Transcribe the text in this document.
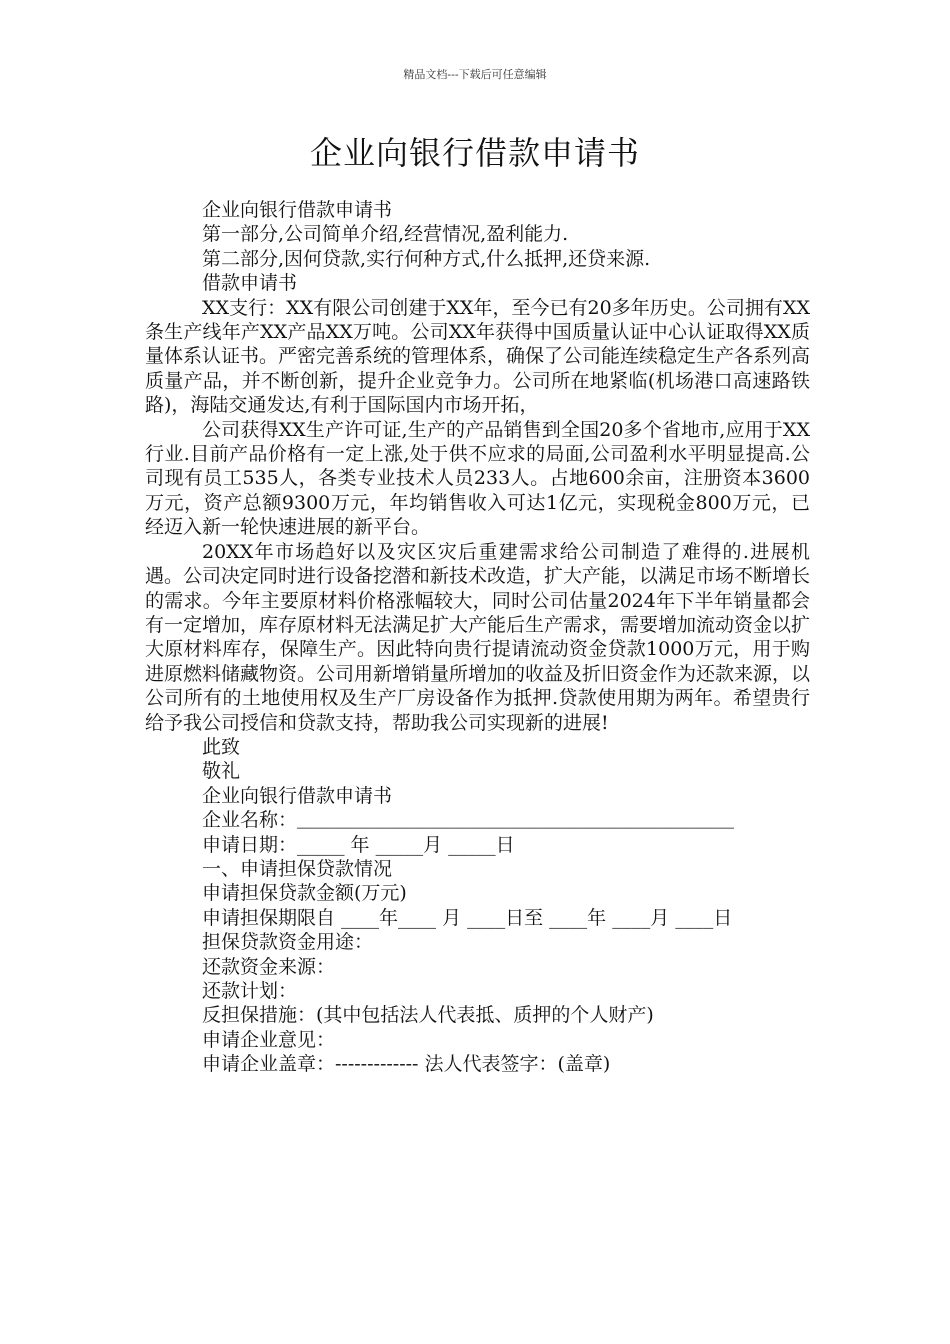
精品文档---下载后可任意编辑
企业向银行借款申请书

企业向银行借款申请书

第一部分,公司简单介绍,经营情况,盈利能力.

第二部分,因何贷款,实行何种方式,什么抵押,还贷来源.

借款申请书

XX支行：XX有限公司创建于XX年，至今已有20多年历史。公司拥有XX条生产线年产XX产品XX万吨。公司XX年获得中国质量认证中心认证取得XX质量体系认证书。严密完善系统的管理体系，确保了公司能连续稳定生产各系列高质量产品，并不断创新，提升企业竞争力。公司所在地紧临(机场港口高速路铁路)，海陆交通发达,有利于国际国内市场开拓，

公司获得XX生产许可证,生产的产品销售到全国20多个省地市,应用于XX行业.目前产品价格有一定上涨,处于供不应求的局面,公司盈利水平明显提高.公司现有员工535人，各类专业技术人员233人。占地600余亩，注册资本3600万元，资产总额9300万元，年均销售收入可达1亿元，实现税金800万元，已经迈入新一轮快速进展的新平台。

20XX年市场趋好以及灾区灾后重建需求给公司制造了难得的.进展机遇。公司决定同时进行设备挖潜和新技术改造，扩大产能，以满足市场不断增长的需求。今年主要原材料价格涨幅较大，同时公司估量2024年下半年销量都会有一定增加，库存原材料无法满足扩大产能后生产需求，需要增加流动资金以扩大原材料库存，保障生产。因此特向贵行提请流动资金贷款1000万元，用于购进原燃料储藏物资。公司用新增销量所增加的收益及折旧资金作为还款来源，以公司所有的土地使用权及生产厂房设备作为抵押.贷款使用期为两年。希望贵行给予我公司授信和贷款支持，帮助我公司实现新的进展!

此致

敬礼

企业向银行借款申请书

企业名称：＿＿＿＿＿＿＿＿＿＿＿＿＿＿＿＿＿＿＿＿＿＿＿

申请日期：_____ 年 _____月 _____日

一、申请担保贷款情况

申请担保贷款金额(万元)

申请担保期限自 ____年____ 月 ____日至 ____年 ____月 ____日

担保贷款资金用途：

还款资金来源：

还款计划：

反担保措施：(其中包括法人代表抵、质押的个人财产)

申请企业意见：

申请企业盖章：------------- 法人代表签字：(盖章)
